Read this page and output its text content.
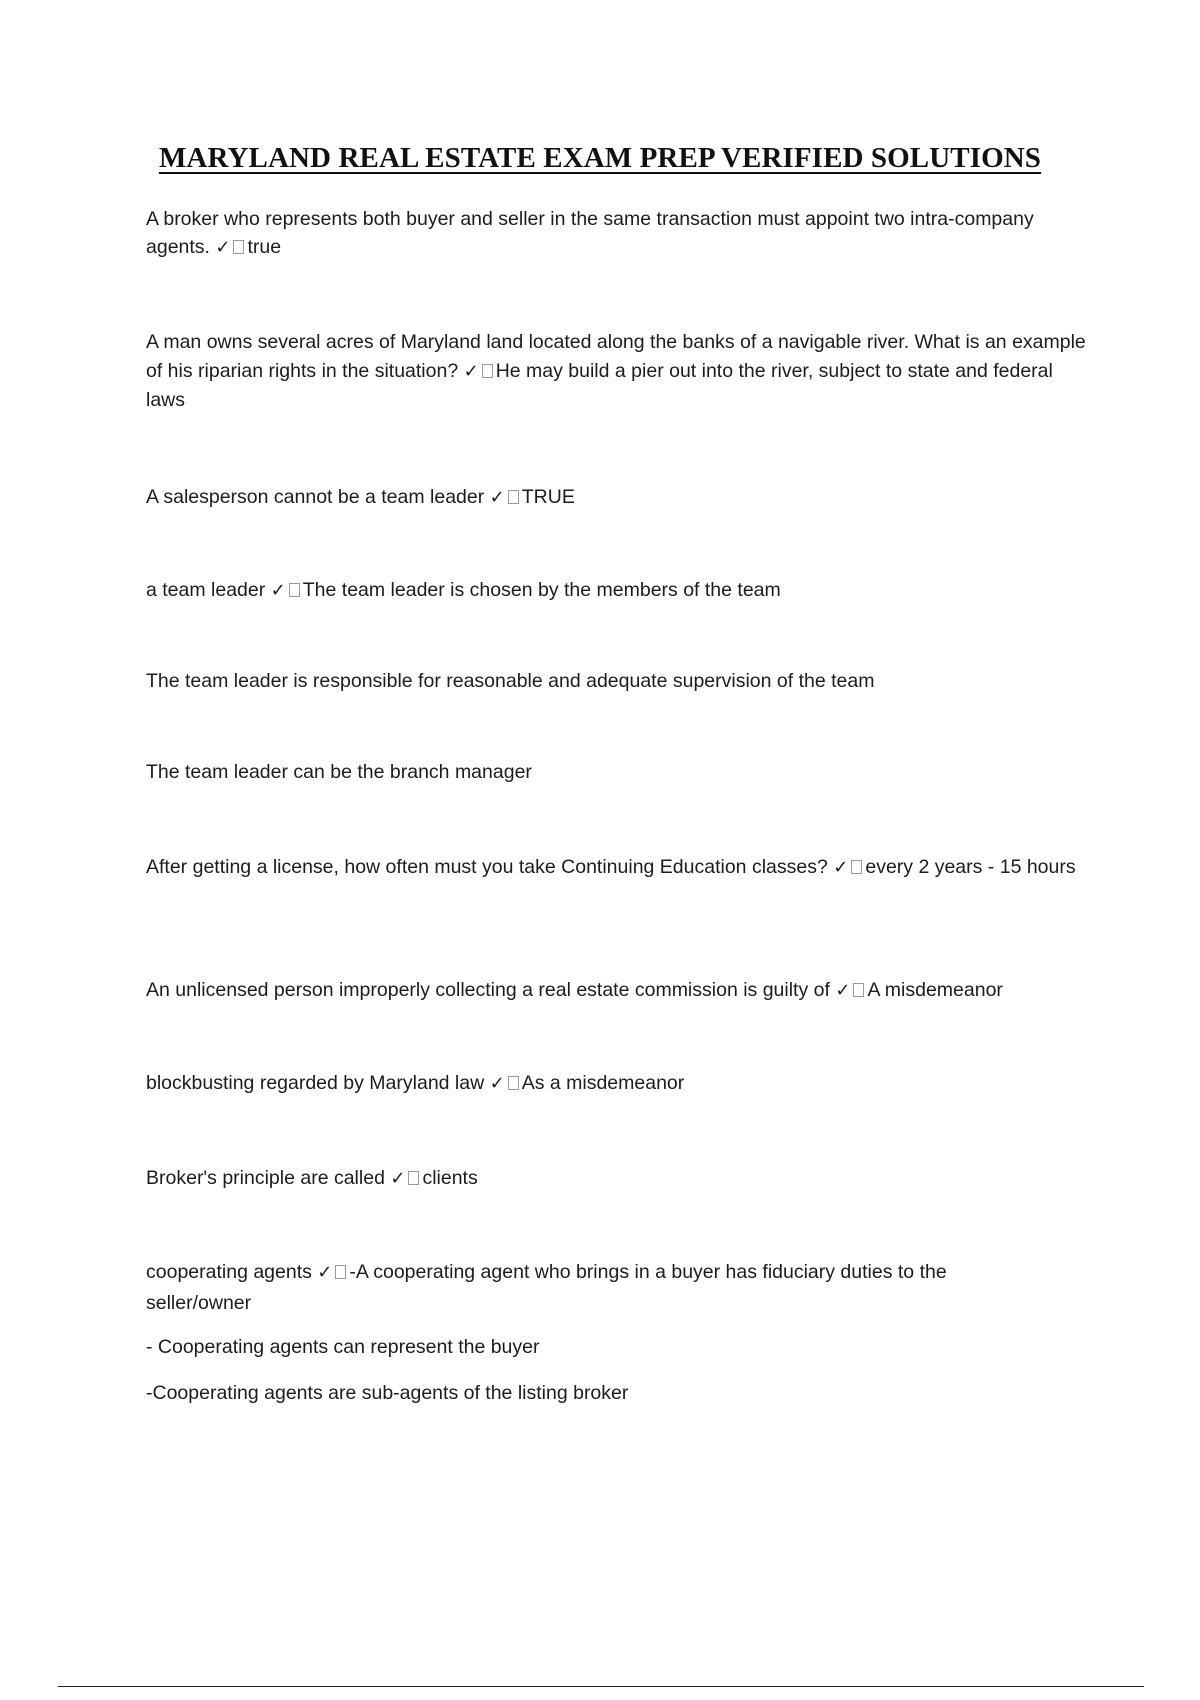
MARYLAND REAL ESTATE EXAM PREP VERIFIED SOLUTIONS
A broker who represents both buyer and seller in the same transaction must appoint two intra-company agents. ✓ true
A man owns several acres of Maryland land located along the banks of a navigable river. What is an example of his riparian rights in the situation? ✓ He may build a pier out into the river, subject to state and federal laws
A salesperson cannot be a team leader ✓ TRUE
a team leader ✓ The team leader is chosen by the members of the team
The team leader is responsible for reasonable and adequate supervision of the team
The team leader can be the branch manager
After getting a license, how often must you take Continuing Education classes? ✓ every 2 years - 15 hours
An unlicensed person improperly collecting a real estate commission is guilty of ✓ A misdemeanor
blockbusting regarded by Maryland law ✓ As a misdemeanor
Broker's principle are called ✓ clients
cooperating agents ✓ -A cooperating agent who brings in a buyer has fiduciary duties to the seller/owner
- Cooperating agents can represent the buyer
-Cooperating agents are sub-agents of the listing broker
